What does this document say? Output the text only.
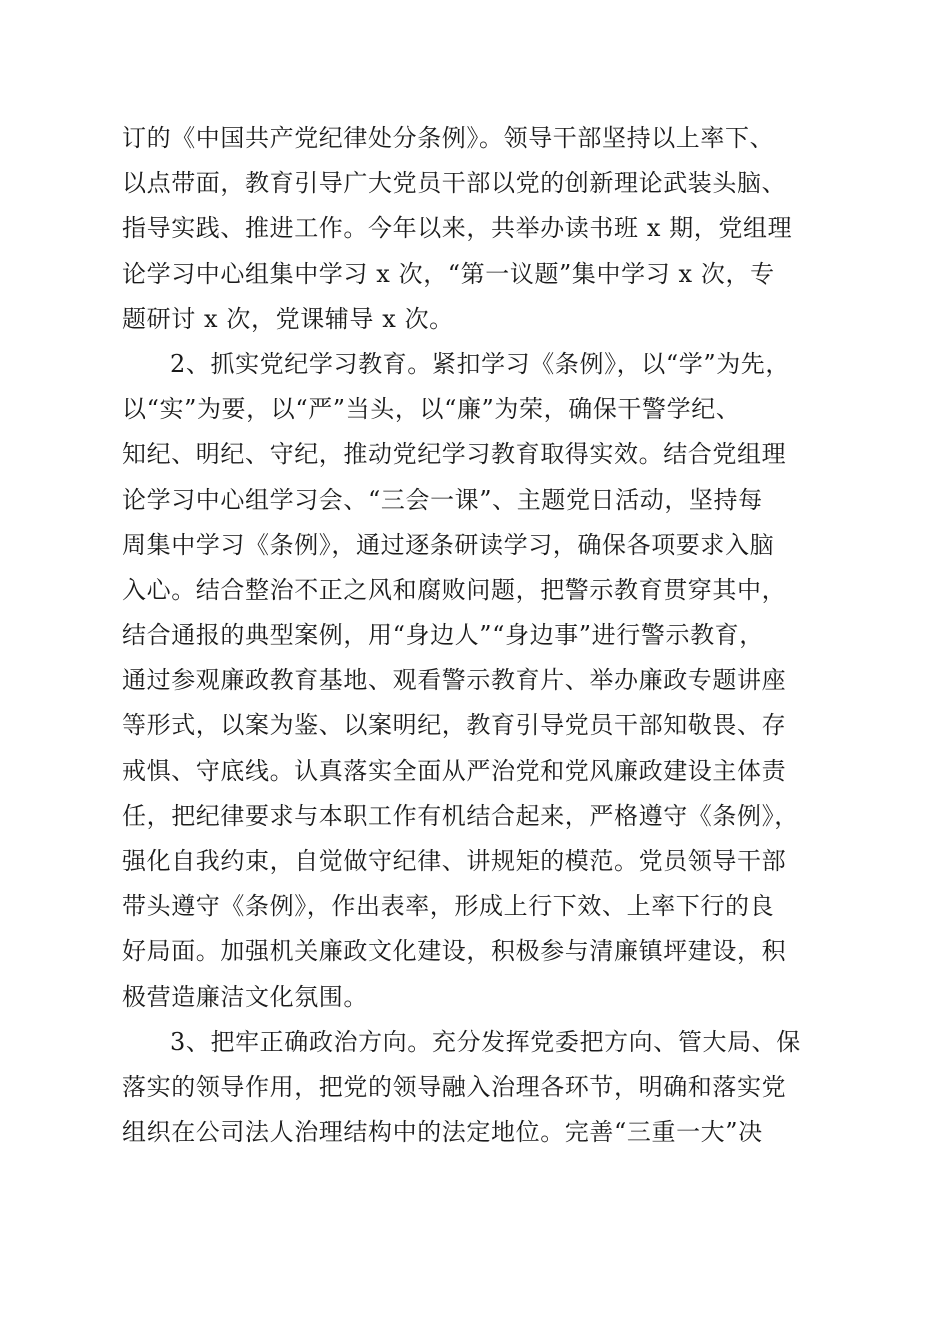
订的《中国共产党纪律处分条例》。领导干部坚持以上率下、
以点带面，教育引导广大党员干部以党的创新理论武装头脑、
指导实践、推进工作。今年以来，共举办读书班 x 期，党组理
论学习中心组集中学习 x 次，“第一议题”集中学习 x 次，专
题研讨 x 次，党课辅导 x 次。
2、抓实党纪学习教育。紧扣学习《条例》，以“学”为先，
以“实”为要，以“严”当头，以“廉”为荣，确保干警学纪、
知纪、明纪、守纪，推动党纪学习教育取得实效。结合党组理
论学习中心组学习会、“三会一课”、主题党日活动，坚持每
周集中学习《条例》，通过逐条研读学习，确保各项要求入脑
入心。结合整治不正之风和腐败问题，把警示教育贯穿其中，
结合通报的典型案例，用“身边人”“身边事”进行警示教育，
通过参观廉政教育基地、观看警示教育片、举办廉政专题讲座
等形式，以案为鉴、以案明纪，教育引导党员干部知敬畏、存
戒惧、守底线。认真落实全面从严治党和党风廉政建设主体责
任，把纪律要求与本职工作有机结合起来，严格遵守《条例》，
强化自我约束，自觉做守纪律、讲规矩的模范。党员领导干部
带头遵守《条例》，作出表率，形成上行下效、上率下行的良
好局面。加强机关廉政文化建设，积极参与清廉镇坪建设，积
极营造廉洁文化氛围。
3、把牢正确政治方向。充分发挥党委把方向、管大局、保
落实的领导作用，把党的领导融入治理各环节，明确和落实党
组织在公司法人治理结构中的法定地位。完善“三重一大”决
